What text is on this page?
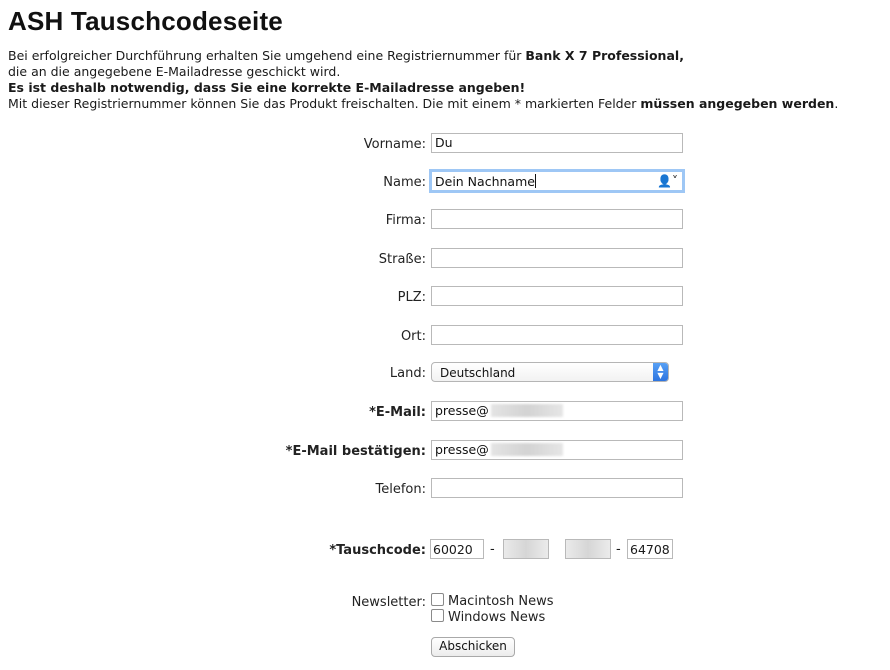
ASH Tauschcodeseite
Bei erfolgreicher Durchführung erhalten Sie umgehend eine Registriernummer für Bank X 7 Professional,
die an die angegebene E-Mailadresse geschickt wird.
Es ist deshalb notwendig, dass Sie eine korrekte E-Mailadresse angeben!
Mit dieser Registriernummer können Sie das Produkt freischalten. Die mit einem * markierten Felder müssen angegeben werden.
Vorname: Du
Name: Dein Nachname	👤˅
Firma:
Straße:
PLZ:
Ort:
Land:	Deutschland	▲
▼
*E-Mail: presse@
*E-Mail bestätigen: presse@
Telefon:
*Tauschcode: 60020	-	- 64708
Newsletter:	Macintosh News
Windows News
Abschicken
